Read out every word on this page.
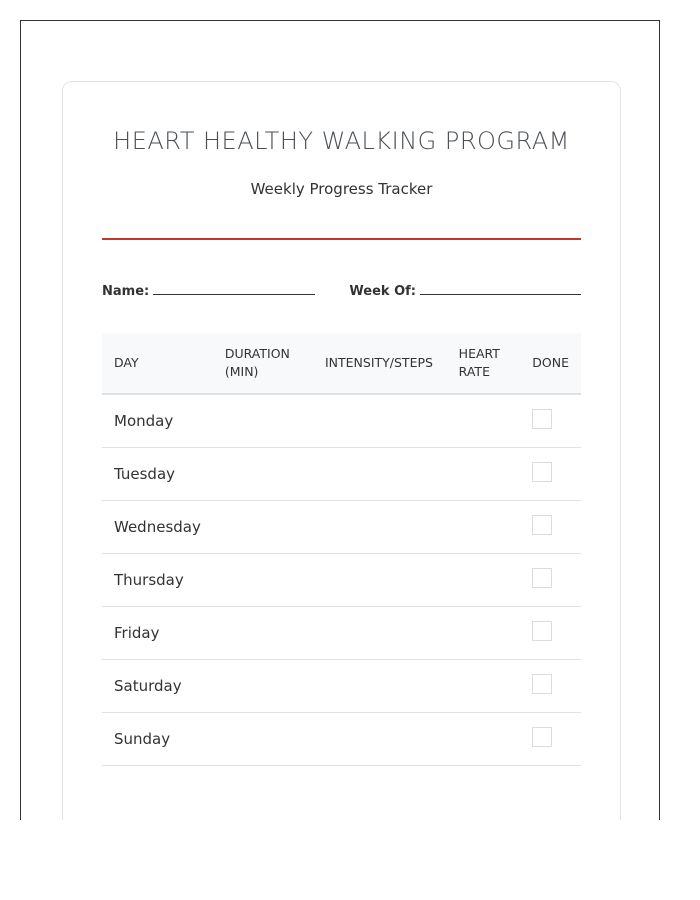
HEART HEALTHY WALKING PROGRAM
Weekly Progress Tracker
Name:	Week Of:
DAY	DURATION (MIN)	INTENSITY/STEPS	HEART RATE	DONE
Monday				
Tuesday				
Wednesday				
Thursday				
Friday				
Saturday				
Sunday				
